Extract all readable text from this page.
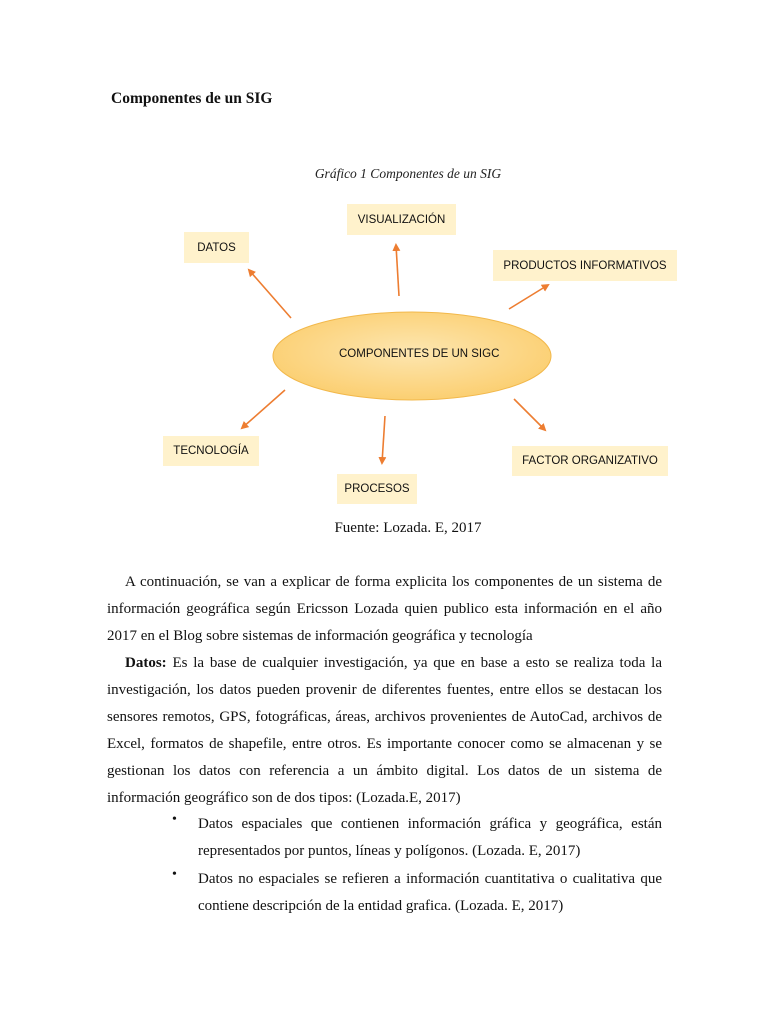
Componentes de un SIG
Gráfico 1 Componentes de un SIG
COMPONENTES DE UN SIGC
VISUALIZACIÓN
DATOS
PRODUCTOS INFORMATIVOS
TECNOLOGÍA
FACTOR ORGANIZATIVO
PROCESOS
Fuente: Lozada. E, 2017
A continuación, se van a explicar de forma explicita los componentes de un sistema de información geográfica según Ericsson Lozada quien publico esta información en el año 2017 en el Blog sobre sistemas de información geográfica y tecnología
Datos: Es la base de cualquier investigación, ya que en base a esto se realiza toda la investigación, los datos pueden provenir de diferentes fuentes, entre ellos se destacan los sensores remotos, GPS, fotográficas, áreas, archivos provenientes de AutoCad, archivos de Excel, formatos de shapefile, entre otros. Es importante conocer como se almacenan y se gestionan los datos con referencia a un ámbito digital. Los datos de un sistema de información geográfico son de dos tipos: (Lozada.E, 2017)
• Datos espaciales que contienen información gráfica y geográfica, están representados por puntos, líneas y polígonos. (Lozada. E, 2017)
• Datos no espaciales se refieren a información cuantitativa o cualitativa que contiene descripción de la entidad grafica. (Lozada. E, 2017)
